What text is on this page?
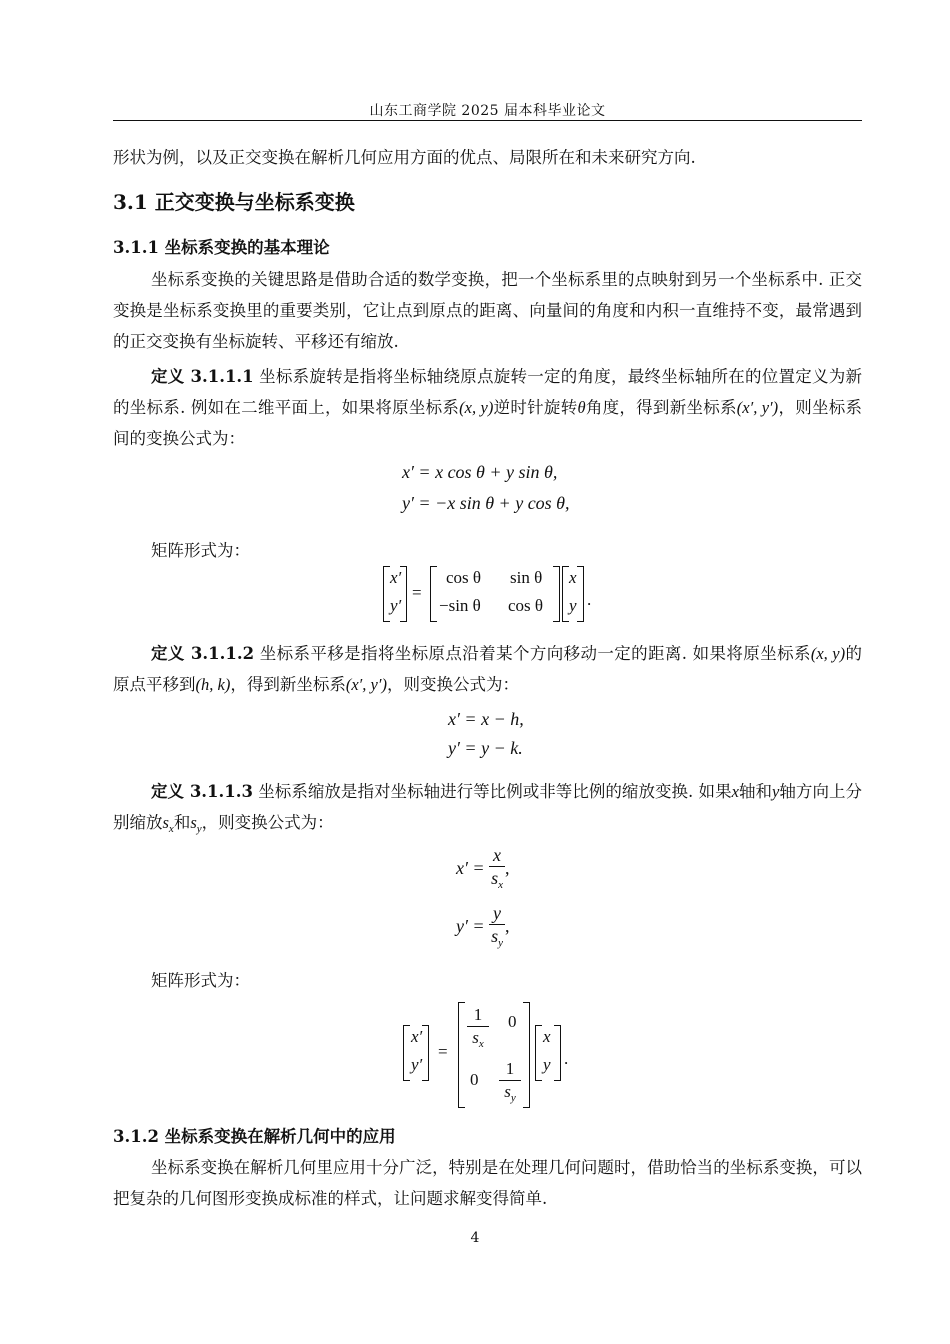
山东工商学院 2025 届本科毕业论文
形状为例，以及正交变换在解析几何应用方面的优点、局限所在和未来研究方向.
3.1 正交变换与坐标系变换
3.1.1 坐标系变换的基本理论
坐标系变换的关键思路是借助合适的数学变换，把一个坐标系里的点映射到另一个坐标系中. 正交变换是坐标系变换里的重要类别，它让点到原点的距离、向量间的角度和内积一直维持不变，最常遇到的正交变换有坐标旋转、平移还有缩放.
定义 3.1.1.1 坐标系旋转是指将坐标轴绕原点旋转一定的角度，最终坐标轴所在的位置定义为新的坐标系. 例如在二维平面上，如果将原坐标系(x, y)逆时针旋转θ角度，得到新坐标系(x′, y′)，则坐标系间的变换公式为：
x′ = x cos θ + y sin θ,
y′ = −x sin θ + y cos θ,
矩阵形式为：
x′
y′
=
cos θ sin θ
−sin θ cos θ
x
y .
定义 3.1.1.2 坐标系平移是指将坐标原点沿着某个方向移动一定的距离. 如果将原坐标系(x, y)的原点平移到(h, k)，得到新坐标系(x′, y′)，则变换公式为：
x′ = x − h,
y′ = y − k.
定义 3.1.1.3 坐标系缩放是指对坐标轴进行等比例或非等比例的缩放变换. 如果x轴和y轴方向上分别缩放$s_x$和$s_y$，则变换公式为：
$x' = \frac{x}{s_x}$ ,
$y' = \frac{y}{s_y}$ ,
矩阵形式为：
x′
y′
=
1
$s_x$
0
0
1
$s_y$
x
y .
3.1.2 坐标系变换在解析几何中的应用
坐标系变换在解析几何里应用十分广泛，特别是在处理几何问题时，借助恰当的坐标系变换，可以把复杂的几何图形变换成标准的样式，让问题求解变得简单.
4
